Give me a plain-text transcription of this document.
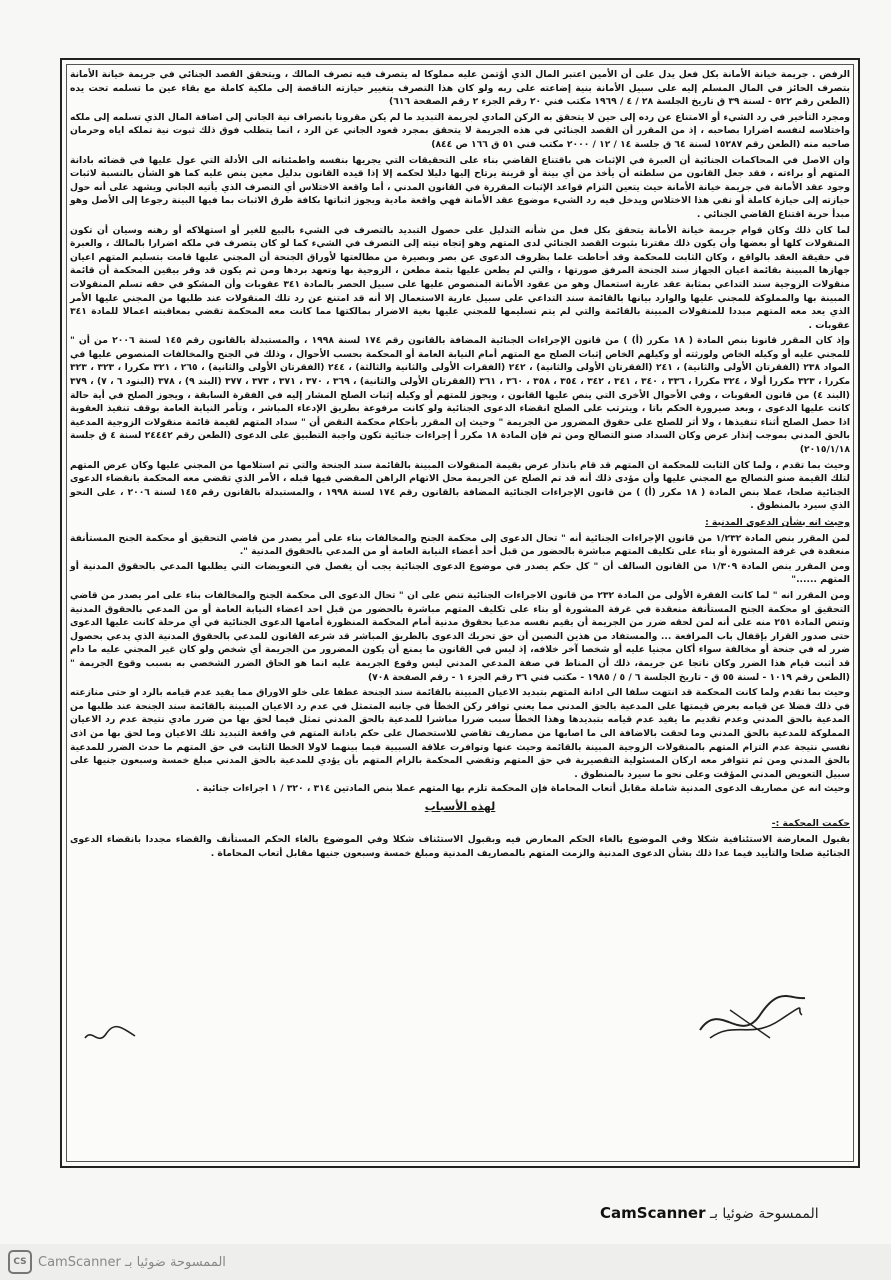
الرفض . جريمة خيانة الأمانة بكل فعل يدل على أن الأمين اعتبر المال الذي أؤتمن عليه مملوكا له يتصرف فيه تصرف المالك ، ويتحقق القصد الجنائي في جريمة خيانة الأمانة بتصرف الحائز في المال المسلم إليه على سبيل الأمانة بنية إضاعته على ربه ولو كان هذا التصرف بتغيير حيازته الناقصة إلى ملكية كاملة مع بقاء عين ما تسلمه تحت يده (الطعن رقم ٥٢٢ - لسنة ٣٩ ق تاريخ الجلسة ٢٨ / ٤ / ١٩٦٩ مكتب فني ٢٠ رقم الجزء ٢ رقم الصفحة ٦١٦)

ومجرد التأخير في رد الشيء أو الامتناع عن رده إلى حين لا يتحقق به الركن المادي لجريمة التبديد ما لم يكن مقرونا بانصراف نية الجاني إلى اضافة المال الذي تسلمه إلى ملكه واختلاسه لنفسه اضرارا بصاحبه ، إذ من المقرر أن القصد الجنائي في هذه الجريمة لا يتحقق بمجرد قعود الجاني عن الرد ، انما يتطلب فوق ذلك ثبوت نية تملكه اياه وحرمان صاحبه منه (الطعن رقم ١٥٢٨٧ لسنة ٦٤ ق جلسة ١٤ / ١٢ / ٢٠٠٠ مكتب فني ٥١ ق ١٦٦ ص ٨٤٤)

وان الاصل في المحاكمات الجنائية أن العبرة في الإثبات هي باقتناع القاضي بناء على التحقيقات التي يجريها بنفسه واطمئنانه الى الأدلة التي عول عليها في قضائه بادانة المتهم أو براءته ، فقد جعل القانون من سلطته أن يأخذ من أي بينة أو قرينة يرتاح إليها دليلا لحكمه إلا إذا قيده القانون بدليل معين ينص عليه كما هو الشأن بالنسبة لاثبات وجود عقد الأمانة في جريمة خيانة الأمانة حيث يتعين التزام قواعد الإثبات المقررة في القانون المدني ، أما واقعة الاختلاس أي التصرف الذي يأتيه الجاني ويشهد على أنه حول حيازته إلى حيازة كاملة أو نفي هذا الاختلاس ويدخل فيه رد الشيء موضوع عقد الأمانة فهي واقعة مادية ويجوز اثباتها بكافة طرق الاثبات بما فيها البينة رجوعا إلى الأصل وهو مبدأ حرية اقتناع القاضي الجنائي .

لما كان ذلك وكان قوام جريمة خيانة الأمانة يتحقق بكل فعل من شأنه التدليل على حصول التبديد بالتصرف في الشيء بالبيع للغير أو استهلاكه أو رهنه وسيان أن تكون المنقولات كلها أو بعضها وأن يكون ذلك مقترنا بثبوت القصد الجنائي لدى المتهم وهو إتجاه نيته إلى التصرف في الشيء كما لو كان يتصرف في ملكه اضرارا بالمالك ، والعبرة في حقيقة العقد بالواقع ، وكان الثابت للمحكمة وقد أحاطت علما بظروف الدعوى عن بصر وبصيرة من مطالعتها لأوراق الجنحة أن المجني عليها قامت بتسليم المتهم اعيان جهازها المبينة بقائمة اعيان الجهاز سند الجنحة المرفق صورتها ، والتي لم يطعن عليها بثمة مطعن ، الزوجية بها وتعهد بردها ومن ثم يكون قد وقر بيقين المحكمة أن قائمة منقولات الزوجية سند التداعي بمثابة عقد عارية استعمال وهو من عقود الأمانة المنصوص عليها على سبيل الحصر بالمادة ٣٤١ عقوبات وأن المشكو في حقه تسلم المنقولات المبينة بها والمملوكة للمجني عليها والوارد بيانها بالقائمة سند التداعي على سبيل عارية الاستعمال إلا أنه قد امتنع عن رد تلك المنقولات عند طلبها من المجني عليها الأمر الذي يعد معه المتهم مبددا للمنقولات المبينة بالقائمة والتي لم يتم تسليمها للمجني عليها بغية الاضرار بمالكتها مما كانت معه المحكمة تقضي بمعاقبته اعمالا للمادة ٣٤١ عقوبات .

وإذ كان المقرر قانونا بنص المادة ( ١٨ مكرر (أ) ) من قانون الإجراءات الجنائية المضافة بالقانون رقم ١٧٤ لسنة ١٩٩٨ ، والمستبدلة بالقانون رقم ١٤٥ لسنة ٢٠٠٦ من أن " للمجني عليه أو وكيله الخاص ولورثته أو وكيلهم الخاص إثبات الصلح مع المتهم أمام النيابة العامة أو المحكمة بحسب الأحوال ، وذلك في الجنح والمخالفات المنصوص عليها في المواد ٢٣٨ (الفقرتان الأولى والثانية) ، ٢٤١ (الفقرتان الأولى والثانية) ، ٢٤٢ (الفقرات الأولى والثانية والثالثة) ، ٢٤٤ (الفقرتان الأولى والثانية) ، ٢٦٥ ، ٣٢١ مكررا ، ٣٢٣ ، ٣٢٣ مكررا ، ٣٢٣ مكررا أولا ، ٣٢٤ مكررا ، ٣٣٦ ، ٣٤٠ ، ٣٤١ ، ٣٤٢ ، ٣٥٤ ، ٣٥٨ ، ٣٦٠ ، ٣٦١ (الفقرتان الأولى والثانية) ، ٣٦٩ ، ٣٧٠ ، ٣٧١ ، ٣٧٣ ، ٣٧٧ (البند ٩) ، ٣٧٨ (البنود ٦ ، ٧) ، ٣٧٩ (البند ٤) من قانون العقوبات ، وفي الأحوال الأخرى التي ينص عليها القانون ، ويجوز للمتهم أو وكيله إثبات الصلح المشار إليه في الفقرة السابقة ، ويجوز الصلح في أية حالة كانت عليها الدعوى ، وبعد صيرورة الحكم باتا ، ويترتب على الصلح انقضاء الدعوى الجنائية ولو كانت مرفوعة بطريق الإدعاء المباشر ، وتأمر النيابة العامة بوقف تنفيذ العقوبة اذا حصل الصلح أثناء تنفيذها ، ولا أثر للصلح على حقوق المضرور من الجريمة " وحيث إن المقرر بأحكام محكمة النقض أن " سداد المتهم لقيمة قائمة منقولات الزوجية المدعية بالحق المدني بموجب إنذار عرض وكان السداد صنو التصالح ومن ثم فإن المادة ١٨ مكرر أ إجراءات جنائية تكون واجبة التطبيق على الدعوى (الطعن رقم ٢٤٤٤٢ لسنة ٤ ق جلسة ٢٠١٥/١/١٨)

وحيث بما تقدم ، ولما كان الثابت للمحكمة ان المتهم قد قام بانذار عرض بقيمة المنقولات المبينة بالقائمة سند الجنحة والتي تم استلامها من المجني عليها وكان عرض المتهم لتلك القيمة صنو التصالح مع المجني عليها وأن مؤدى ذلك أنه قد تم الصلح عن الجريمة محل الاتهام الراهن المقضي فيها قبله ، الأمر الذي تقضي معه المحكمة بانقضاء الدعوى الجنائية صلحا، عملا بنص المادة ( ١٨ مكرر (أ) ) من قانون الإجراءات الجنائية المضافة بالقانون رقم ١٧٤ لسنة ١٩٩٨ ، والمستبدلة بالقانون رقم ١٤٥ لسنة ٢٠٠٦ ، على النحو الذي سيرد بالمنطوق .

وحيث انه بشأن الدعوى المدنية :

لمن المقرر بنص المادة ١/٢٣٢ من قانون الإجراءات الجنائية أنه " تحال الدعوى إلى محكمة الجنح والمخالفات بناء على أمر يصدر من قاضي التحقيق أو محكمة الجنح المستأنفة منعقدة في غرفة المشورة أو بناء على تكليف المتهم مباشرة بالحضور من قبل أحد أعضاء النيابة العامة أو من المدعي بالحقوق المدنية ".

ومن المقرر بنص المادة ١/٣٠٩ من القانون السالف أن " كل حكم يصدر في موضوع الدعوى الجنائية يجب أن يفصل في التعويضات التي يطلبها المدعي بالحقوق المدنية أو المتهم ......"

ومن المقرر انه " لما كانت الفقرة الأولى من المادة ٢٣٢ من قانون الاجراءات الجنائية تنص على ان " تحال الدعوى الى محكمة الجنح والمخالفات بناء على امر يصدر من قاضي التحقيق او محكمة الجنح المستأنفة منعقدة في غرفة المشورة أو بناء على تكليف المتهم مباشرة بالحضور من قبل احد اعضاء النيابة العامة أو من المدعي بالحقوق المدنية وتنص المادة ٢٥١ منه على أنه لمن لحقه ضرر من الجريمة أن يقيم نفسه مدعيا بحقوق مدنية أمام المحكمة المنظورة أمامها الدعوى الجنائية في أي مرحلة كانت عليها الدعوى حتى صدور القرار بإقفال باب المرافعة ... والمستفاد من هذين النصين أن حق تحريك الدعوى بالطريق المباشر قد شرعه القانون للمدعي بالحقوق المدنية الذي يدعي بحصول ضرر له في جنحة أو مخالفة سواء أكان مجنيا عليه أو شخصا آخر خلافه، إذ ليس في القانون ما يمنع أن يكون المضرور من الجريمة أي شخص ولو كان غير المجني عليه ما دام قد أثبت قيام هذا الضرر وكان ناتجا عن جريمة، ذلك أن المناط في صفة المدعي المدني ليس وقوع الجريمة عليه انما هو الحاق الضرر الشخصي به بسبب وقوع الجريمة " (الطعن رقم ١٠١٩ - لسنة ٥٥ ق - تاريخ الجلسة ٦ / ٥ / ١٩٨٥ - مكتب فني ٣٦ رقم الجزء ١ - رقم الصفحة ٧٠٨)

وحيث بما تقدم ولما كانت المحكمة قد انتهت سلفا الى ادانة المتهم بتبديد الاعيان المبينة بالقائمة سند الجنحة عطفا على خلو الاوراق مما يفيد عدم قيامه بالرد او حتى منازعته في ذلك فضلا عن قيامه بعرض قيمتها على المدعية بالحق المدني مما يعني توافر ركن الخطأ في جانبه المتمثل في عدم رد الاعيان المبينة بالقائمة سند الجنحة عند طلبها من المدعية بالحق المدني وعدم تقديم ما يفيد عدم قيامه بتبديدها وهذا الخطأ سبب ضررا مباشرا للمدعية بالحق المدني تمثل فيما لحق بها من ضرر مادي نتيجة عدم رد الاعيان المملوكة للمدعية بالحق المدني وما لحقت بالاضافة الى ما اصابها من مصاريف تقاضي للاستحصال على حكم بادانة المتهم في واقعة التبديد تلك الاعيان وما لحق بها من اذى نفسي نتيجة عدم التزام المتهم بالمنقولات الزوجية المبينة بالقائمة وحيث عنها وتوافرت علاقة السببية فيما بينهما لاولا الخطا الثابت في حق المتهم ما حدث الضرر للمدعية بالحق المدني ومن ثم تتوافر معه اركان المسئولية التقصيرية في حق المتهم وتقضي المحكمة بالزام المتهم بأن يؤدي للمدعية بالحق المدني مبلغ خمسة وسبعون جنيها على سبيل التعويض المدني المؤقت وعلى نحو ما سيرد بالمنطوق .

وحيث انه عن مصاريف الدعوى المدنية شاملة مقابل أتعاب المحاماة فإن المحكمة تلزم بها المتهم عملا بنص المادتين ٣١٤ ، ٣٢٠ / ١ اجراءات جنائية .

لهذه الأسباب

حكمت المحكمة :-

بقبول المعارضة الاستئنافية شكلا وفي الموضوع بالغاء الحكم المعارض فيه وبقبول الاستئناف شكلا وفي الموضوع بالغاء الحكم المستأنف والقضاء مجددا بانقضاء الدعوى الجنائية صلحا والتأييد فيما عدا ذلك بشأن الدعوى المدنية والزمت المتهم بالمصاريف المدنية ومبلغ خمسة وسبعون جنيها مقابل أتعاب المحاماة .

الممسوحة ضوئيا بـ CamScanner
CS CamScanner الممسوحة ضوئيا بـ
